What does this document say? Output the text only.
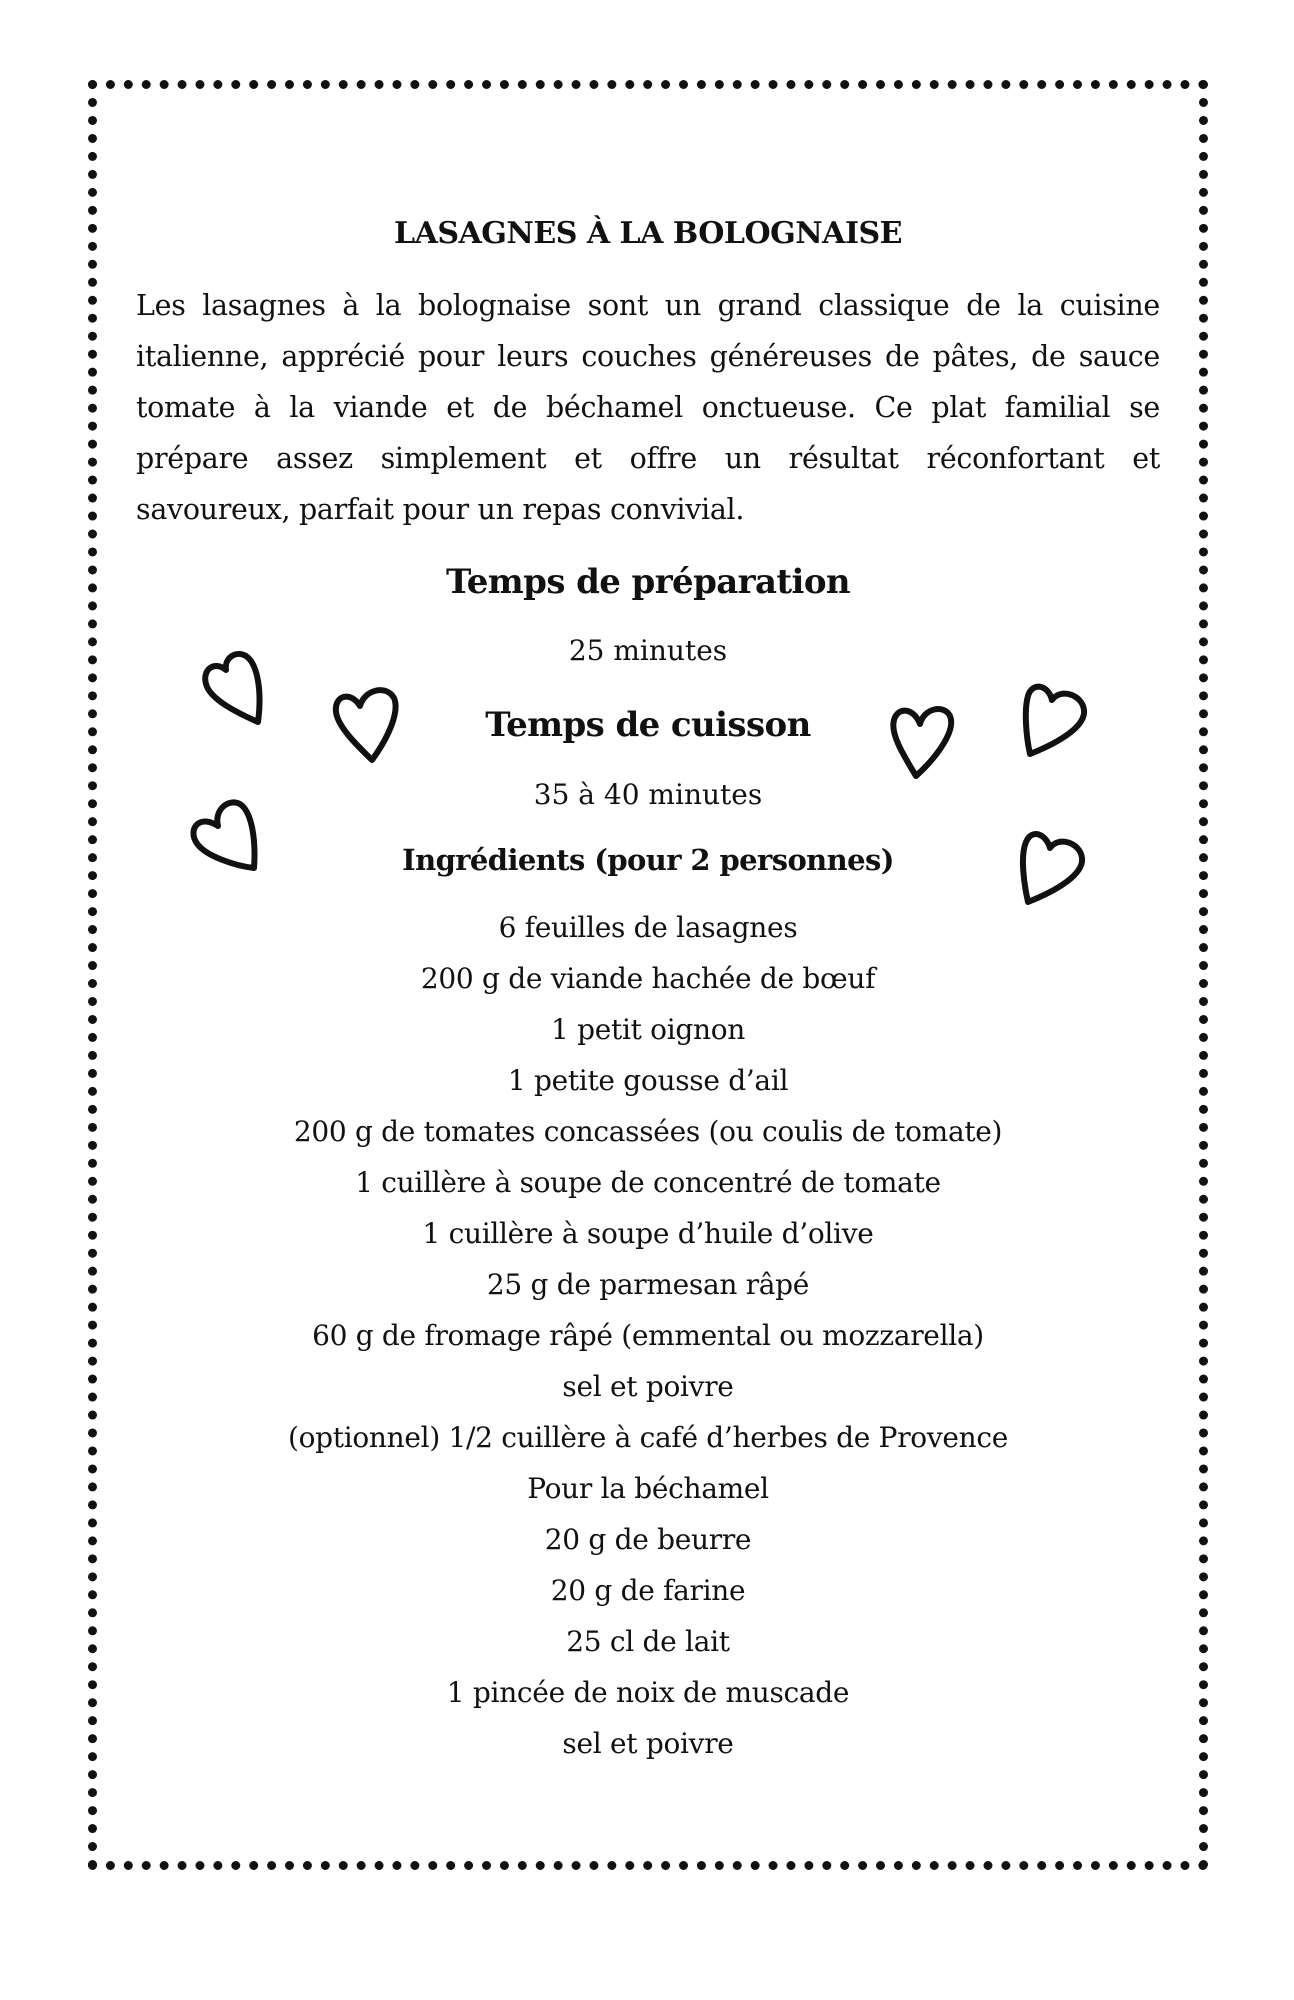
LASAGNES À LA BOLOGNAISE

Les lasagnes à la bolognaise sont un grand classique de la cuisine italienne, apprécié pour leurs couches généreuses de pâtes, de sauce tomate à la viande et de béchamel onctueuse. Ce plat familial se prépare assez simplement et offre un résultat réconfortant et savoureux, parfait pour un repas convivial.

Temps de préparation
25 minutes
Temps de cuisson
35 à 40 minutes
Ingrédients (pour 2 personnes)
6 feuilles de lasagnes
200 g de viande hachée de bœuf
1 petit oignon
1 petite gousse d’ail
200 g de tomates concassées (ou coulis de tomate)
1 cuillère à soupe de concentré de tomate
1 cuillère à soupe d’huile d’olive
25 g de parmesan râpé
60 g de fromage râpé (emmental ou mozzarella)
sel et poivre
(optionnel) 1/2 cuillère à café d’herbes de Provence
Pour la béchamel
20 g de beurre
20 g de farine
25 cl de lait
1 pincée de noix de muscade
sel et poivre
